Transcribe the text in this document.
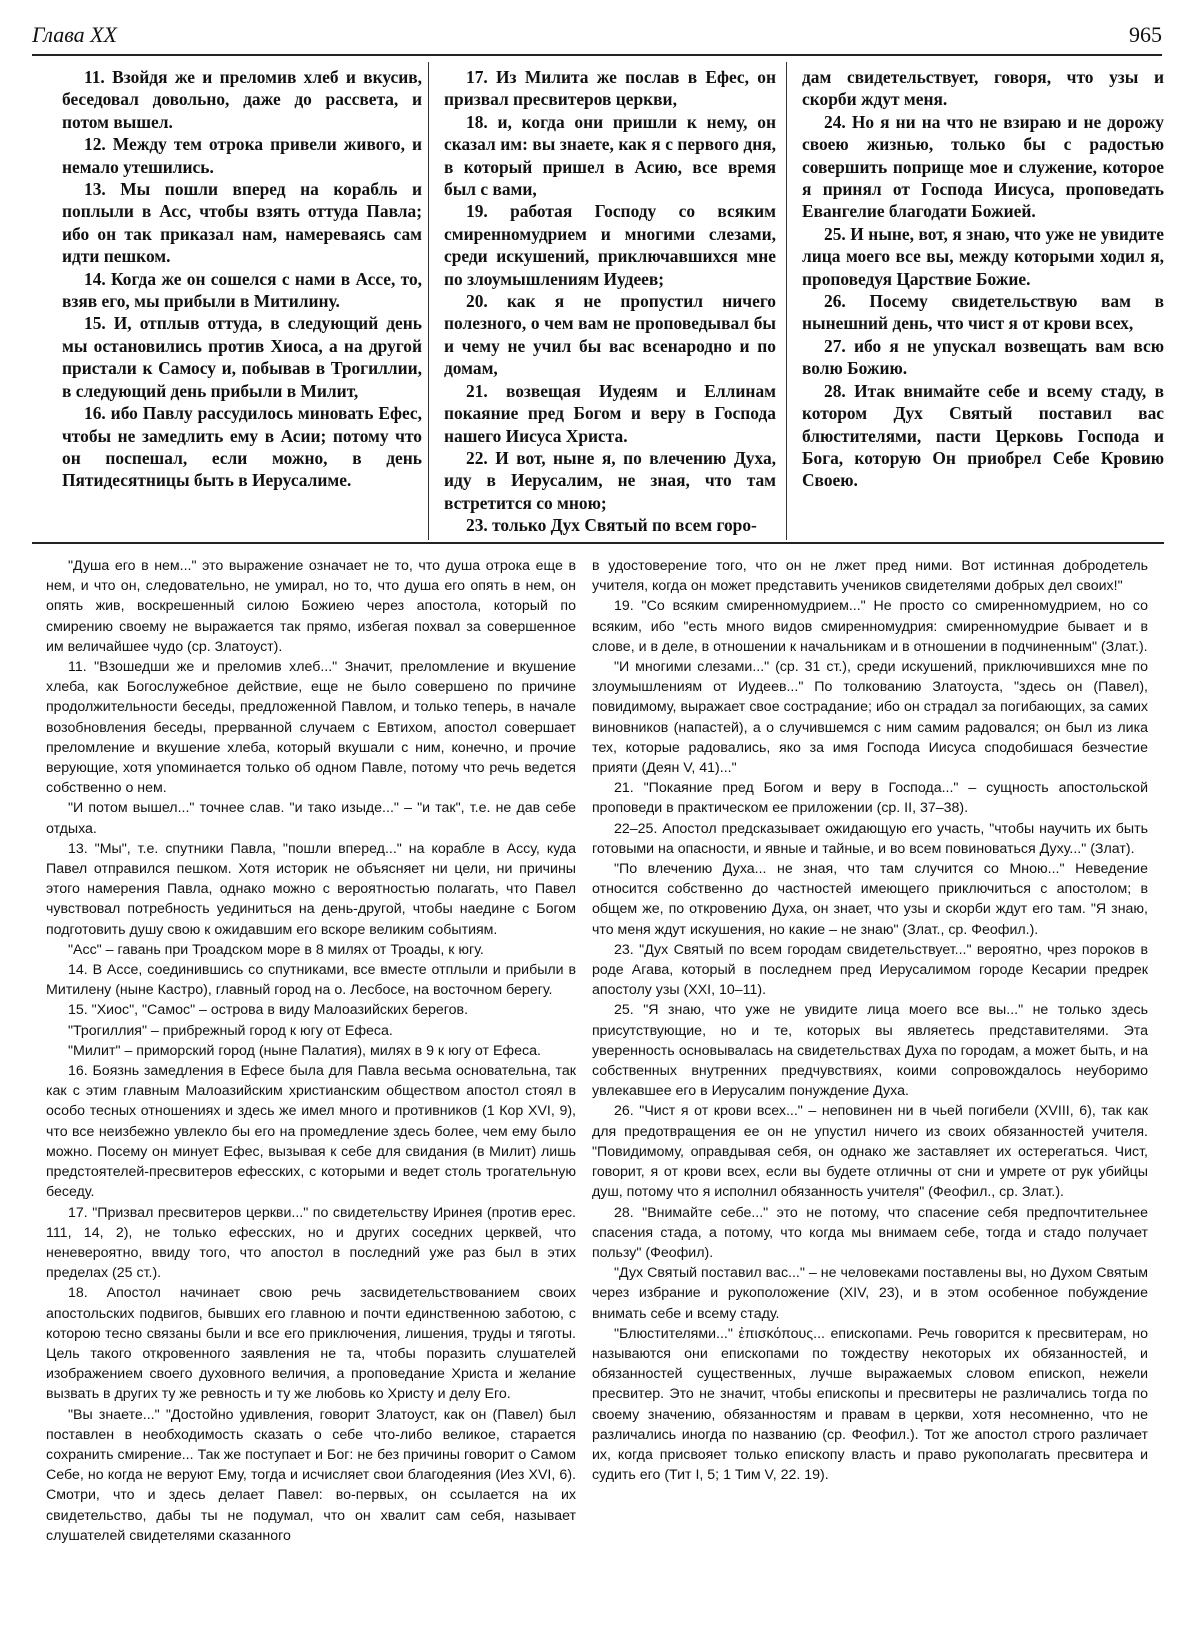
Глава XX	965

11. Взойдя же и преломив хлеб и вкусив, беседовал довольно, даже до рассвета, и потом вышел.

12. Между тем отрока привели живого, и немало утешились.

13. Мы пошли вперед на корабль и поплыли в Асс, чтобы взять оттуда Павла; ибо он так приказал нам, намереваясь сам идти пешком.

14. Когда же он сошелся с нами в Ассе, то, взяв его, мы прибыли в Митилину.

15. И, отплыв оттуда, в следующий день мы остановились против Хиоса, а на другой пристали к Самосу и, побывав в Трогиллии, в следующий день прибыли в Милит,

16. ибо Павлу рассудилось миновать Ефес, чтобы не замедлить ему в Асии; потому что он поспешал, если можно, в день Пятидесятницы быть в Иерусалиме.

17. Из Милита же послав в Ефес, он призвал пресвитеров церкви,

18. и, когда они пришли к нему, он сказал им: вы знаете, как я с первого дня, в который пришел в Асию, все время был с вами,

19. работая Господу со всяким смиренномудрием и многими слезами, среди искушений, приключавшихся мне по злоумышлениям Иудеев;

20. как я не пропустил ничего полезного, о чем вам не проповедывал бы и чему не учил бы вас всенародно и по домам,

21. возвещая Иудеям и Еллинам покаяние пред Богом и веру в Господа нашего Иисуса Христа.

22. И вот, ныне я, по влечению Духа, иду в Иерусалим, не зная, что там встретится со мною;

23. только Дух Святый по всем горо-

дам свидетельствует, говоря, что узы и скорби ждут меня.

24. Но я ни на что не взираю и не дорожу своею жизнью, только бы с радостью совершить поприще мое и служение, которое я принял от Господа Иисуса, проповедать Евангелие благодати Божией.

25. И ныне, вот, я знаю, что уже не увидите лица моего все вы, между которыми ходил я, проповедуя Царствие Божие.

26. Посему свидетельствую вам в нынешний день, что чист я от крови всех,

27. ибо я не упускал возвещать вам всю волю Божию.

28. Итак внимайте себе и всему стаду, в котором Дух Святый поставил вас блюстителями, пасти Церковь Господа и Бога, которую Он приобрел Себе Кровию Своею.

"Душа его в нем..." это выражение означает не то, что душа отрока еще в нем, и что он, следовательно, не умирал, но то, что душа его опять в нем, он опять жив, воскрешенный силою Божиею через апостола, который по смирению своему не выражается так прямо, избегая похвал за совершенное им величайшее чудо (ср. Златоуст).

11. "Взошедши же и преломив хлеб..." Значит, преломление и вкушение хлеба, как Богослужебное действие, еще не было совершено по причине продолжительности беседы, предложенной Павлом, и только теперь, в начале возобновления беседы, прерванной случаем с Евтихом, апостол совершает преломление и вкушение хлеба, который вкушали с ним, конечно, и прочие верующие, хотя упоминается только об одном Павле, потому что речь ведется собственно о нем.

"И потом вышел..." точнее слав. "и тако изыде..." – "и так", т.е. не дав себе отдыха.

13. "Мы", т.е. спутники Павла, "пошли вперед..." на корабле в Ассу, куда Павел отправился пешком. Хотя историк не объясняет ни цели, ни причины этого намерения Павла, однако можно с вероятностью полагать, что Павел чувствовал потребность уединиться на день-другой, чтобы наедине с Богом подготовить душу свою к ожидавшим его вскоре великим событиям.

"Асс" – гавань при Троадском море в 8 милях от Троады, к югу.

14. В Ассе, соединившись со спутниками, все вместе отплыли и прибыли в Митилену (ныне Кастро), главный город на о. Лесбосе, на восточном берегу.

15. "Хиос", "Самос" – острова в виду Малоазийских берегов.

"Трогиллия" – прибрежный город к югу от Ефеса.

"Милит" – приморский город (ныне Палатия), милях в 9 к югу от Ефеса.

16. Боязнь замедления в Ефесе была для Павла весьма основательна, так как с этим главным Малоазийским христианским обществом апостол стоял в особо тесных отношениях и здесь же имел много и противников (1 Кор XVI, 9), что все неизбежно увлекло бы его на промедление здесь более, чем ему было можно. Посему он минует Ефес, вызывая к себе для свидания (в Милит) лишь предстоятелей-пресвитеров ефесских, с которыми и ведет столь трогательную беседу.

17. "Призвал пресвитеров церкви..." по свидетельству Иринея (против ерес. 111, 14, 2), не только ефесских, но и других соседних церквей, что неневероятно, ввиду того, что апостол в последний уже раз был в этих пределах (25 ст.).

18. Апостол начинает свою речь засвидетельствованием своих апостольских подвигов, бывших его главною и почти единственною заботою, с которою тесно связаны были и все его приключения, лишения, труды и тяготы. Цель такого откровенного заявления не та, чтобы поразить слушателей изображением своего духовного величия, а проповедание Христа и желание вызвать в других ту же ревность и ту же любовь ко Христу и делу Его.

"Вы знаете..." "Достойно удивления, говорит Златоуст, как он (Павел) был поставлен в необходимость сказать о себе что-либо великое, старается сохранить смирение... Так же поступает и Бог: не без причины говорит о Самом Себе, но когда не веруют Ему, тогда и исчисляет свои благодеяния (Иез XVI, 6). Смотри, что и здесь делает Павел: во-первых, он ссылается на их свидетельство, дабы ты не подумал, что он хвалит сам себя, называет слушателей свидетелями сказанного

в удостоверение того, что он не лжет пред ними. Вот истинная добродетель учителя, когда он может представить учеников свидетелями добрых дел своих!"

19. "Со всяким смиренномудрием..." Не просто со смиренномудрием, но со всяким, ибо "есть много видов смиренномудрия: смиренномудрие бывает и в слове, и в деле, в отношении к начальникам и в отношении в подчиненным" (Злат.).

"И многими слезами..." (ср. 31 ст.), среди искушений, приключившихся мне по злоумышлениям от Иудеев..." По толкованию Златоуста, "здесь он (Павел), повидимому, выражает свое сострадание; ибо он страдал за погибающих, за самих виновников (напастей), а о случившемся с ним самим радовался; он был из лика тех, которые радовались, яко за имя Господа Иисуса сподобишася безчестие прияти (Деян V, 41)..."

21. "Покаяние пред Богом и веру в Господа..." – сущность апостольской проповеди в практическом ее приложении (ср. II, 37–38).

22–25. Апостол предсказывает ожидающую его участь, "чтобы научить их быть готовыми на опасности, и явные и тайные, и во всем повиноваться Духу..." (Злат).

"По влечению Духа... не зная, что там случится со Мною..." Неведение относится собственно до частностей имеющего приключиться с апостолом; в общем же, по откровению Духа, он знает, что узы и скорби ждут его там. "Я знаю, что меня ждут искушения, но какие – не знаю" (Злат., ср. Феофил.).

23. "Дух Святый по всем городам свидетельствует..." вероятно, чрез пороков в роде Агава, который в последнем пред Иерусалимом городе Кесарии предрек апостолу узы (XXI, 10–11).

25. "Я знаю, что уже не увидите лица моего все вы..." не только здесь присутствующие, но и те, которых вы являетесь представителями. Эта уверенность основывалась на свидетельствах Духа по городам, а может быть, и на собственных внутренних предчувствиях, коими сопровождалось неуборимо увлекавшее его в Иерусалим понуждение Духа.

26. "Чист я от крови всех..." – неповинен ни в чьей погибели (XVIII, 6), так как для предотвращения ее он не упустил ничего из своих обязанностей учителя. "Повидимому, оправдывая себя, он однако же заставляет их остерегаться. Чист, говорит, я от крови всех, если вы будете отличны от сни и умрете от рук убийцы душ, потому что я исполнил обязанность учителя" (Феофил., ср. Злат.).

28. "Внимайте себе..." это не потому, что спасение себя предпочтительнее спасения стада, а потому, что когда мы внимаем себе, тогда и стадо получает пользу" (Феофил).

"Дух Святый поставил вас..." – не человеками поставлены вы, но Духом Святым через избрание и рукоположение (XIV, 23), и в этом особенное побуждение внимать себе и всему стаду.

"Блюстителями..." ἐπισκόπους... епископами. Речь говорится к пресвитерам, но называются они епископами по тождеству некоторых их обязанностей, и обязанностей существенных, лучше выражаемых словом епископ, нежели пресвитер. Это не значит, чтобы епископы и пресвитеры не различались тогда по своему значению, обязанностям и правам в церкви, хотя несомненно, что не различались иногда по названию (ср. Феофил.). Тот же апостол строго различает их, когда присвояет только епископу власть и право рукополагать пресвитера и судить его (Тит I, 5; 1 Тим V, 22. 19).
